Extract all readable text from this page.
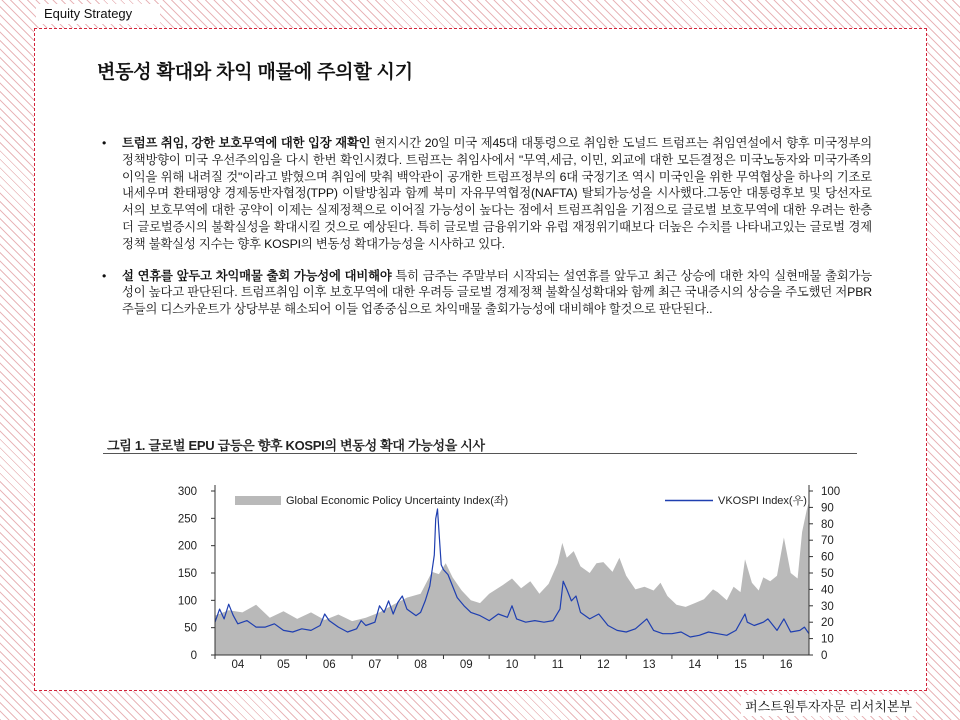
Equity Strategy
변동성 확대와 차익 매물에 주의할 시기
• 트럼프 취임, 강한 보호무역에 대한 입장 재확인 현지시간 20일 미국 제45대 대통령으로 취임한 도널드 트럼프는 취임연설에서 향후 미국정부의 정책방향이 미국 우선주의임을 다시 한번 확인시켰다. 트럼프는 취임사에서 "무역,세금, 이민, 외교에 대한 모든결정은 미국노동자와 미국가족의 이익을 위해 내려질 것"이라고 밝혔으며 취임에 맞춰 백악관이 공개한 트럼프정부의 6대 국정기조 역시 미국인을 위한 무역협상을 하나의 기조로 내세우며 환태평양 경제동반자협정(TPP) 이탈방침과 함께 북미 자유무역협정(NAFTA) 탈퇴가능성을 시사했다.그동안 대통령후보 및 당선자로서의 보호무역에 대한 공약이 이제는 실제정책으로 이어질 가능성이 높다는 점에서 트럼프취임을 기점으로 글로벌 보호무역에 대한 우려는 한층 더 글로벌증시의 불확실성을 확대시킬 것으로 예상된다. 특히 글로벌 금융위기와 유럽 재정위기때보다 더높은 수치를 나타내고있는 글로벌 경제정책 불확실성 지수는 향후 KOSPI의 변동성 확대가능성을 시사하고 있다.
• 설 연휴를 앞두고 차익매물 출회 가능성에 대비해야 특히 금주는 주말부터 시작되는 설연휴를 앞두고 최근 상승에 대한 차익 실현매물 출회가능성이 높다고 판단된다. 트럼프취임 이후 보호무역에 대한 우려등 글로벌 경제정책 불확실성확대와 함께 최근 국내증시의 상승을 주도했던 저PBR주들의 디스카운트가 상당부분 해소되어 이들 업종중심으로 차익매물 출회가능성에 대비해야 할것으로 판단된다..
그림 1. 글로벌 EPU 급등은 향후 KOSPI의 변동성 확대 가능성을 시사
Global Economic Policy Uncertainty Index(좌)	VKOSPI Index(우)
0
50
100
150
200
250
300
0
10
20
30
40
50
60
70
80
90
100
04	05	06	07	08	09	10	11	12	13	14	15	16
퍼스트원투자자문 리서치본부
